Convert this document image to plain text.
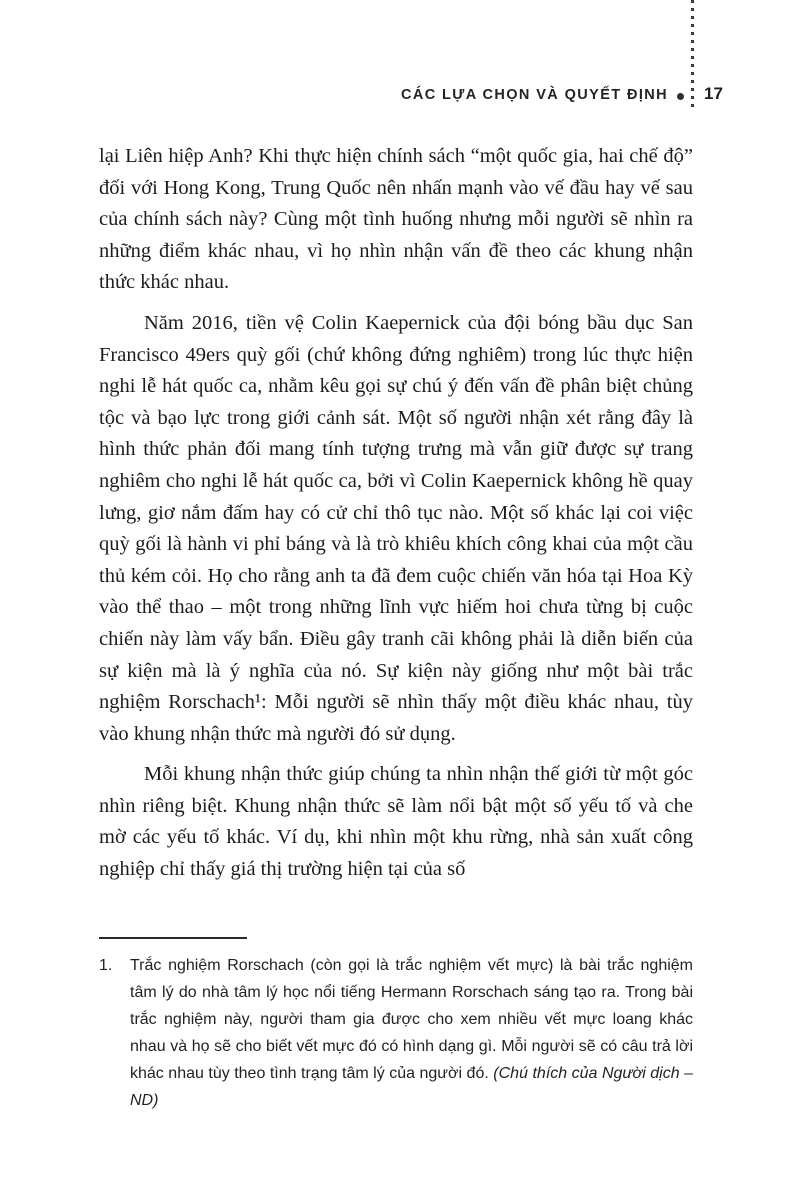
CÁC LỰA CHỌN VÀ QUYẾT ĐỊNH 17

lại Liên hiệp Anh? Khi thực hiện chính sách “một quốc gia, hai chế độ” đối với Hong Kong, Trung Quốc nên nhấn mạnh vào vế đầu hay vế sau của chính sách này? Cùng một tình huống nhưng mỗi người sẽ nhìn ra những điểm khác nhau, vì họ nhìn nhận vấn đề theo các khung nhận thức khác nhau.

Năm 2016, tiền vệ Colin Kaepernick của đội bóng bầu dục San Francisco 49ers quỳ gối (chứ không đứng nghiêm) trong lúc thực hiện nghi lễ hát quốc ca, nhằm kêu gọi sự chú ý đến vấn đề phân biệt chủng tộc và bạo lực trong giới cảnh sát. Một số người nhận xét rằng đây là hình thức phản đối mang tính tượng trưng mà vẫn giữ được sự trang nghiêm cho nghi lễ hát quốc ca, bởi vì Colin Kaepernick không hề quay lưng, giơ nắm đấm hay có cử chỉ thô tục nào. Một số khác lại coi việc quỳ gối là hành vi phỉ báng và là trò khiêu khích công khai của một cầu thủ kém cỏi. Họ cho rằng anh ta đã đem cuộc chiến văn hóa tại Hoa Kỳ vào thể thao – một trong những lĩnh vực hiếm hoi chưa từng bị cuộc chiến này làm vấy bẩn. Điều gây tranh cãi không phải là diễn biến của sự kiện mà là ý nghĩa của nó. Sự kiện này giống như một bài trắc nghiệm Rorschach¹: Mỗi người sẽ nhìn thấy một điều khác nhau, tùy vào khung nhận thức mà người đó sử dụng.

Mỗi khung nhận thức giúp chúng ta nhìn nhận thế giới từ một góc nhìn riêng biệt. Khung nhận thức sẽ làm nổi bật một số yếu tố và che mờ các yếu tố khác. Ví dụ, khi nhìn một khu rừng, nhà sản xuất công nghiệp chỉ thấy giá thị trường hiện tại của số

1.	Trắc nghiệm Rorschach (còn gọi là trắc nghiệm vết mực) là bài trắc nghiệm tâm lý do nhà tâm lý học nổi tiếng Hermann Rorschach sáng tạo ra. Trong bài trắc nghiệm này, người tham gia được cho xem nhiều vết mực loang khác nhau và họ sẽ cho biết vết mực đó có hình dạng gì. Mỗi người sẽ có câu trả lời khác nhau tùy theo tình trạng tâm lý của người đó. (Chú thích của Người dịch – ND)
